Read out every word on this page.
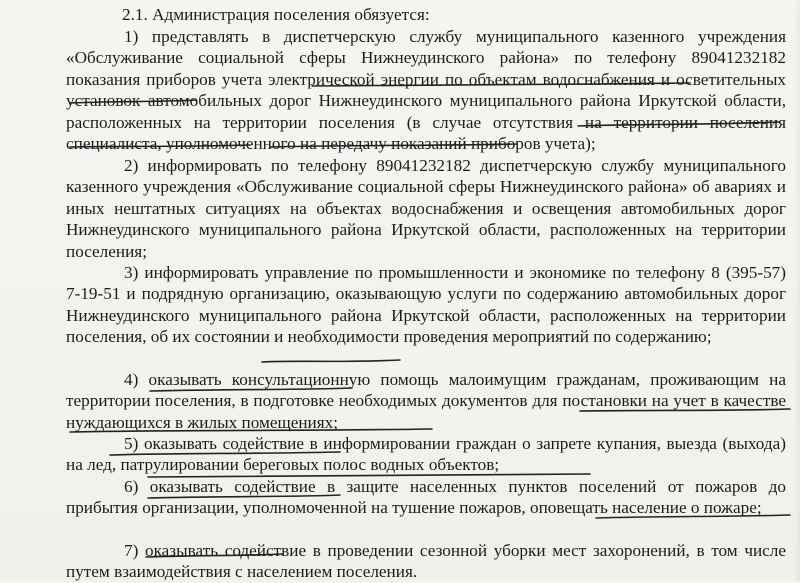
2.1. Администрация поселения обязуется:
1) представлять в диспетчерскую службу муниципального казенного учреждения «Обслуживание социальной сферы Нижнеудинского района» по телефону 89041232182 показания приборов учета электрической энергии по объектам водоснабжения и осветительных установок автомобильных дорог Нижнеудинского муниципального района Иркутской области, расположенных на территории поселения (в случае отсутствия на территории поселения специалиста, уполномоченного на передачу показаний приборов учета);
2) информировать по телефону 89041232182 диспетчерскую службу муниципального казенного учреждения «Обслуживание социальной сферы Нижнеудинского района» об авариях и иных нештатных ситуациях на объектах водоснабжения и освещения автомобильных дорог Нижнеудинского муниципального района Иркутской области, расположенных на территории поселения;
3) информировать управление по промышленности и экономике по телефону 8 (395-57) 7-19-51 и подрядную организацию, оказывающую услуги по содержанию автомобильных дорог Нижнеудинского муниципального района Иркутской области, расположенных на территории поселения, об их состоянии и необходимости проведения мероприятий по содержанию;
4) оказывать консультационную помощь малоимущим гражданам, проживающим на территории поселения, в подготовке необходимых документов для постановки на учет в качестве нуждающихся в жилых помещениях;
5) оказывать содействие в информировании граждан о запрете купания, выезда (выхода) на лед, патрулировании береговых полос водных объектов;
6) оказывать содействие в защите населенных пунктов поселений от пожаров до прибытия организации, уполномоченной на тушение пожаров, оповещать население о пожаре;
7) оказывать содействие в проведении сезонной уборки мест захоронений, в том числе путем взаимодействия с населением поселения.
